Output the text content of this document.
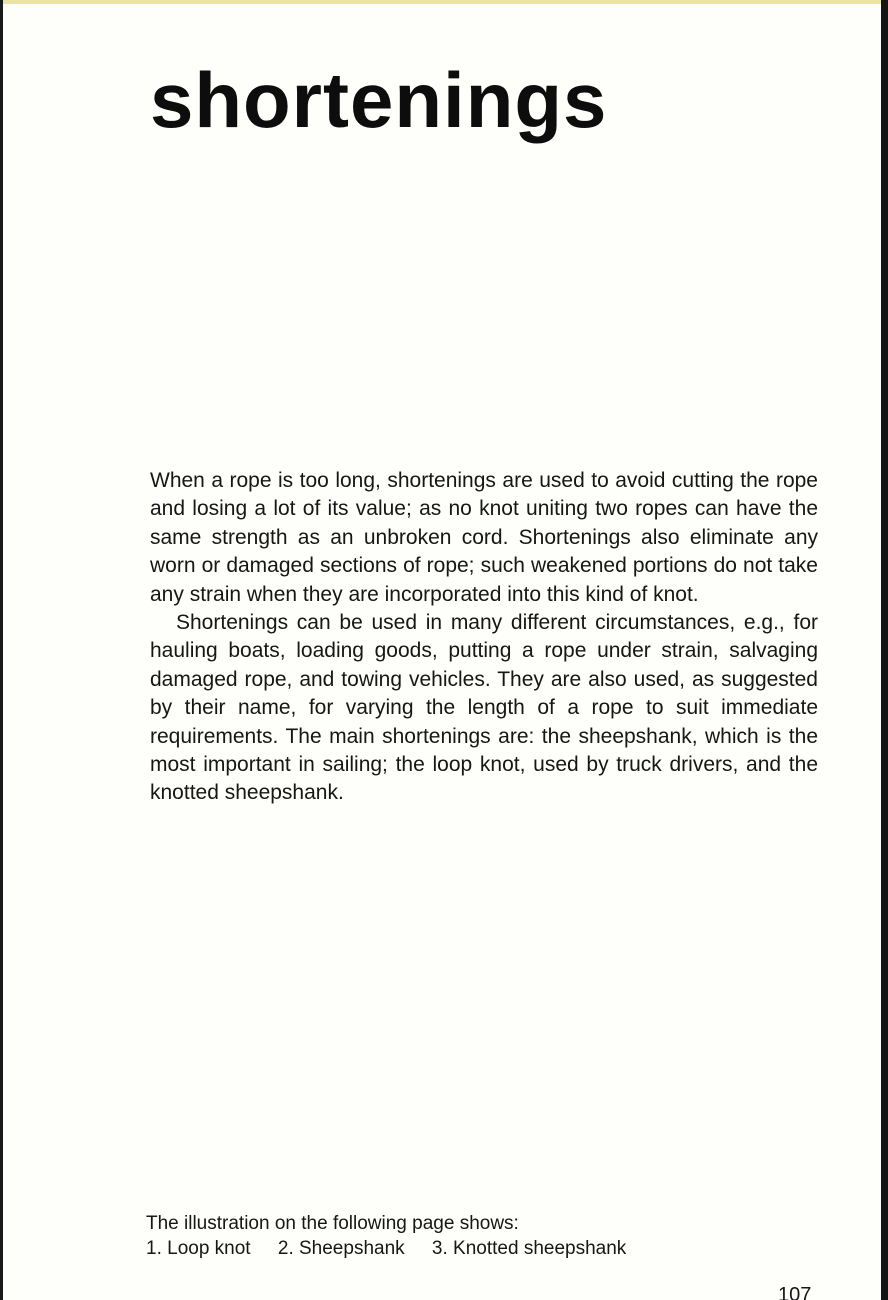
shortenings

When a rope is too long, shortenings are used to avoid cutting the rope and losing a lot of its value; as no knot uniting two ropes can have the same strength as an unbroken cord. Shortenings also eliminate any worn or damaged sections of rope; such weakened portions do not take any strain when they are incorporated into this kind of knot.

Shortenings can be used in many different circumstances, e.g., for hauling boats, loading goods, putting a rope under strain, salvaging damaged rope, and towing vehicles. They are also used, as suggested by their name, for varying the length of a rope to suit immediate requirements. The main shortenings are: the sheepshank, which is the most important in sailing; the loop knot, used by truck drivers, and the knotted sheepshank.

The illustration on the following page shows:
1. Loop knot 2. Sheepshank 3. Knotted sheepshank
107
